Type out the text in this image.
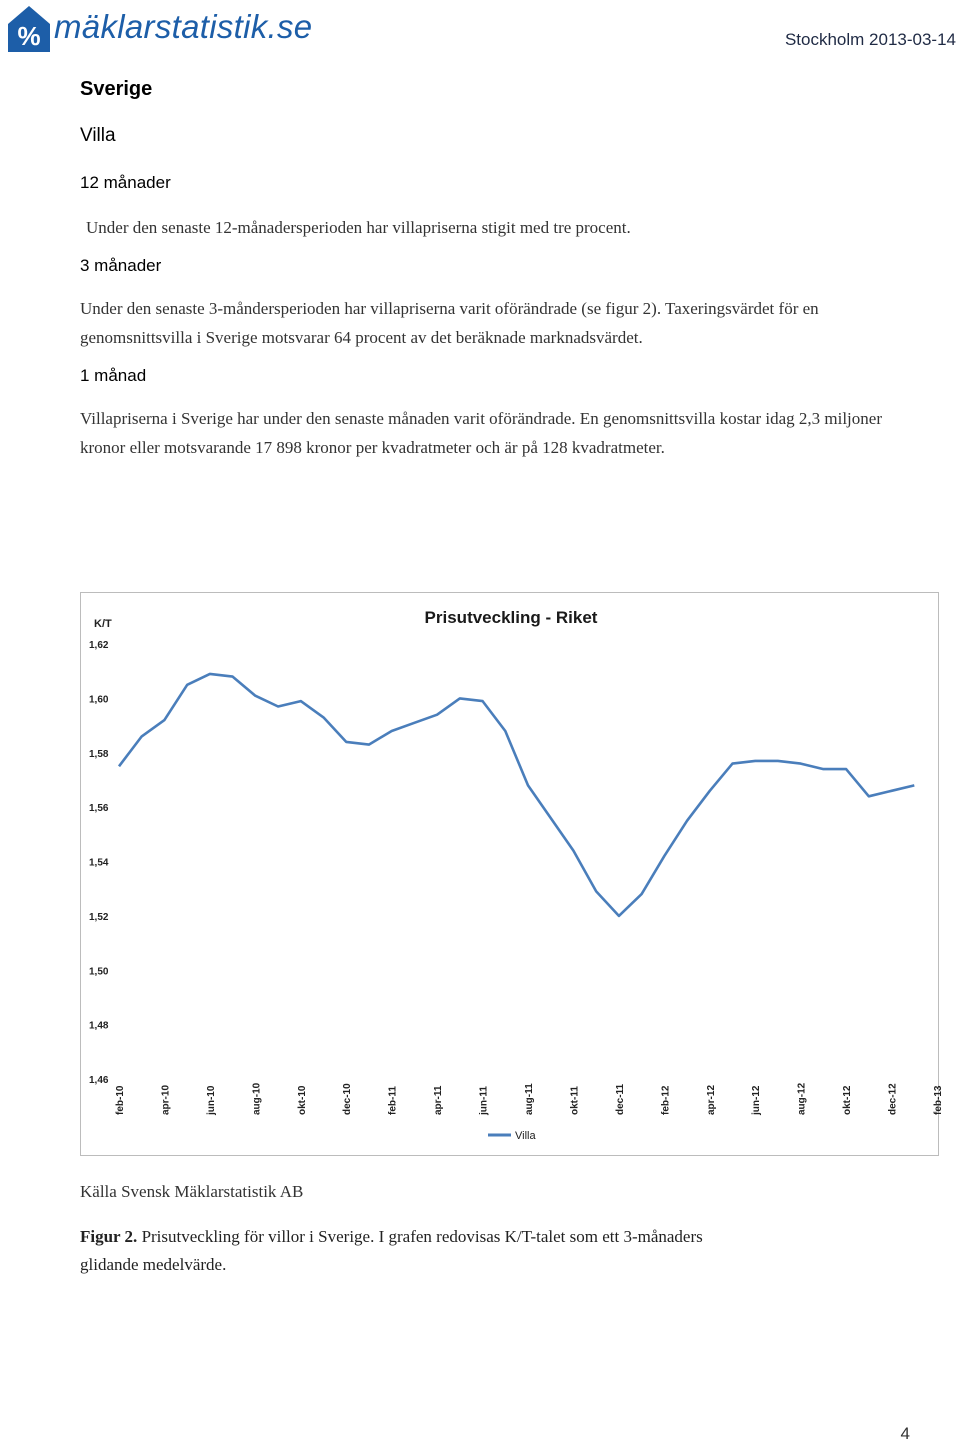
% mäklarstatistik.se	Stockholm 2013-03-14
Sverige
Villa
12 månader

Under den senaste 12-månadersperioden har villapriserna stigit med tre procent.

3 månader

Under den senaste 3-måndersperioden har villapriserna varit oförändrade (se figur 2). Taxeringsvärdet för en genomsnittsvilla i Sverige motsvarar 64 procent av det beräknade marknadsvärdet.

1 månad

Villapriserna i Sverige har under den senaste månaden varit oförändrade. En genomsnittsvilla kostar idag 2,3 miljoner kronor eller motsvarande 17 898 kronor per kvadratmeter och är på 128 kvadratmeter.

Prisutveckling - Riket
K/T
1,62
1,60
1,58
1,56
1,54
1,52
1,50
1,48
1,46
feb-10	apr-10	jun-10	aug-10	okt-10	dec-10	feb-11	apr-11	jun-11	aug-11	okt-11	dec-11	feb-12	apr-12	jun-12	aug-12	okt-12	dec-12	feb-13
Villa
Källa Svensk Mäklarstatistik AB
Figur 2. Prisutveckling för villor i Sverige. I grafen redovisas K/T-talet som ett 3-månaders glidande medelvärde.
4
